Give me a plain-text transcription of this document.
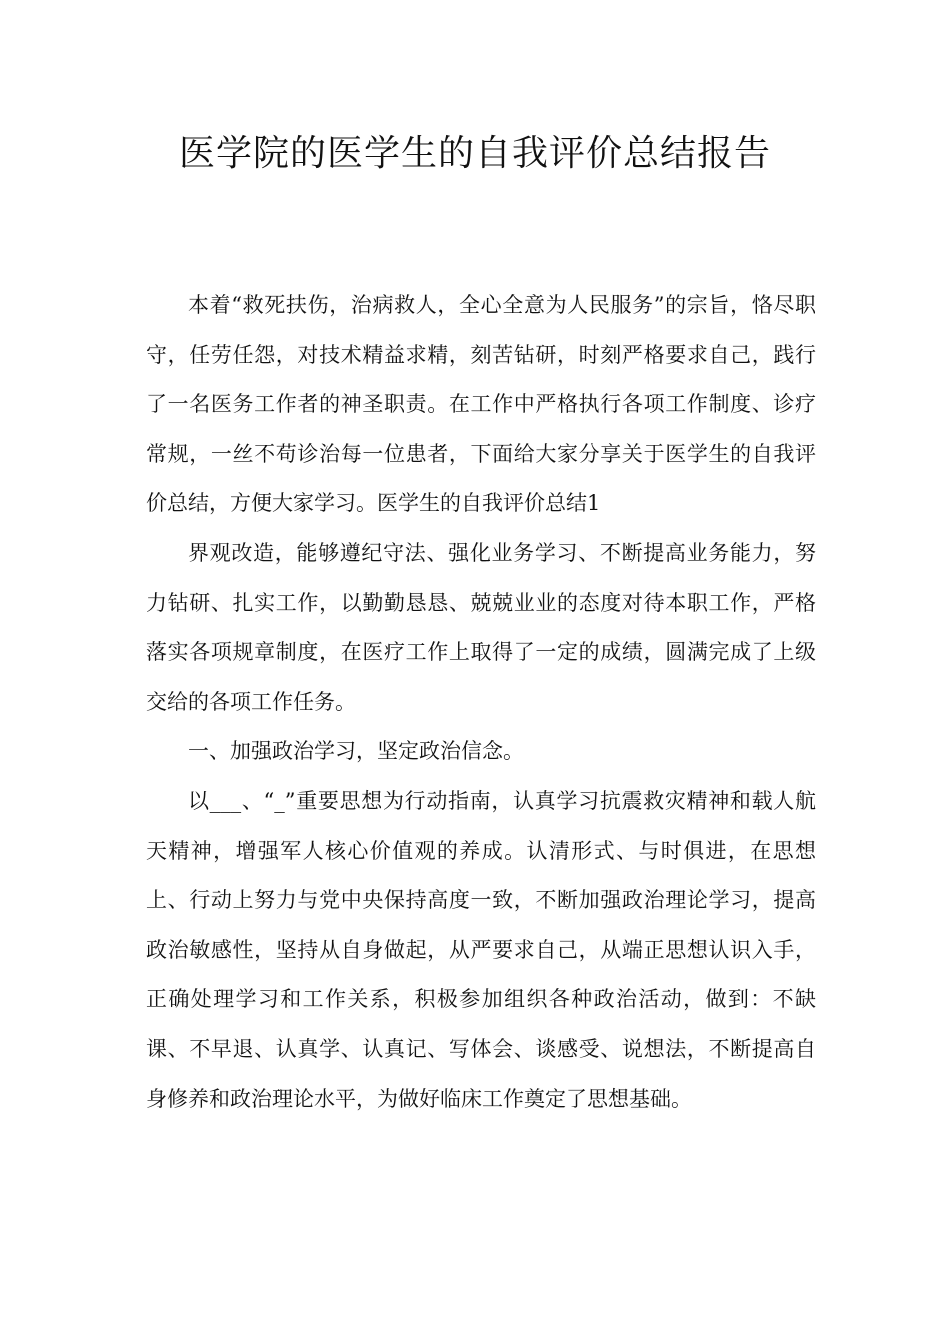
医学院的医学生的自我评价总结报告

本着“救死扶伤，治病救人，全心全意为人民服务”的宗旨，恪尽职守，任劳任怨，对技术精益求精，刻苦钻研，时刻严格要求自己，践行了一名医务工作者的神圣职责。在工作中严格执行各项工作制度、诊疗常规，一丝不苟诊治每一位患者，下面给大家分享关于医学生的自我评价总结，方便大家学习。医学生的自我评价总结1

界观改造，能够遵纪守法、强化业务学习、不断提高业务能力，努力钻研、扎实工作，以勤勤恳恳、兢兢业业的态度对待本职工作，严格落实各项规章制度，在医疗工作上取得了一定的成绩，圆满完成了上级交给的各项工作任务。

一、加强政治学习，坚定政治信念。

以___、“_”重要思想为行动指南，认真学习抗震救灾精神和载人航天精神，增强军人核心价值观的养成。认清形式、与时俱进，在思想上、行动上努力与党中央保持高度一致，不断加强政治理论学习，提高政治敏感性，坚持从自身做起，从严要求自己，从端正思想认识入手，正确处理学习和工作关系，积极参加组织各种政治活动，做到：不缺课、不早退、认真学、认真记、写体会、谈感受、说想法，不断提高自身修养和政治理论水平，为做好临床工作奠定了思想基础。
